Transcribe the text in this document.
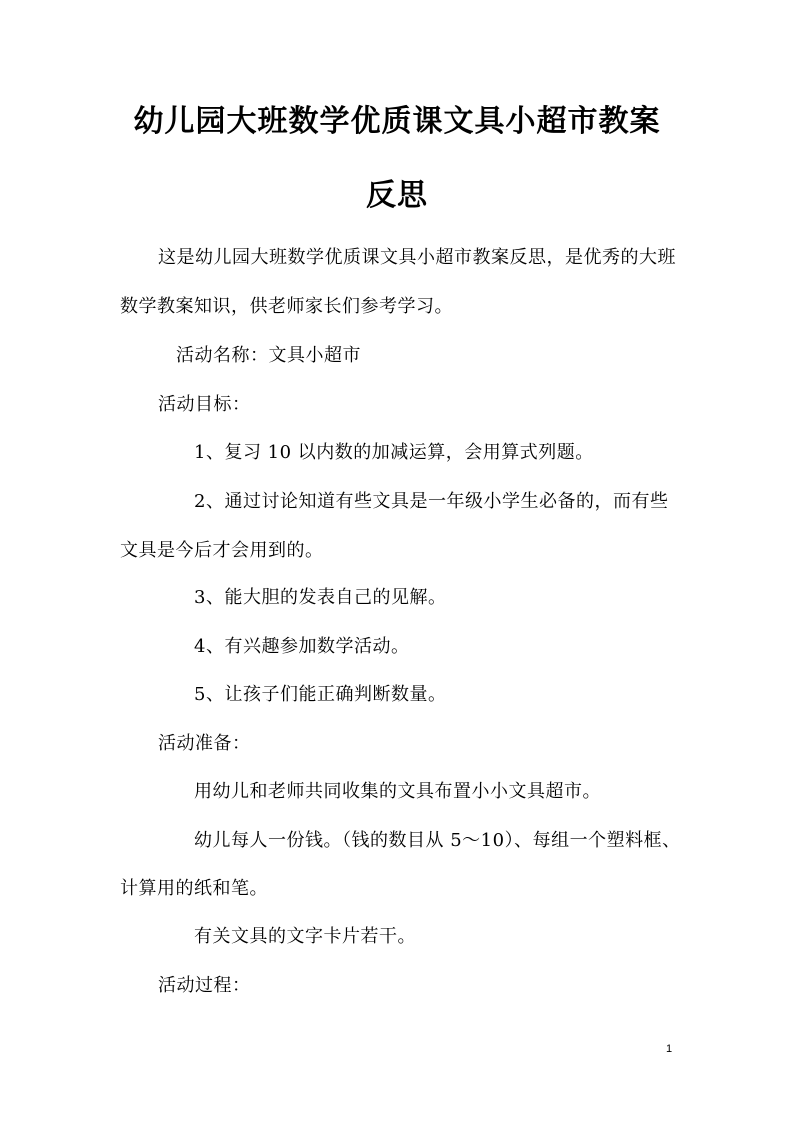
幼儿园大班数学优质课文具小超市教案
反思
这是幼儿园大班数学优质课文具小超市教案反思，是优秀的大班
数学教案知识，供老师家长们参考学习。
活动名称：文具小超市
活动目标：
1、复习 10 以内数的加减运算，会用算式列题。
2、通过讨论知道有些文具是一年级小学生必备的，而有些
文具是今后才会用到的。
3、能大胆的发表自己的见解。
4、有兴趣参加数学活动。
5、让孩子们能正确判断数量。
活动准备：
用幼儿和老师共同收集的文具布置小小文具超市。
幼儿每人一份钱。（钱的数目从 5～10）、每组一个塑料框、
计算用的纸和笔。
有关文具的文字卡片若干。
活动过程：
1
